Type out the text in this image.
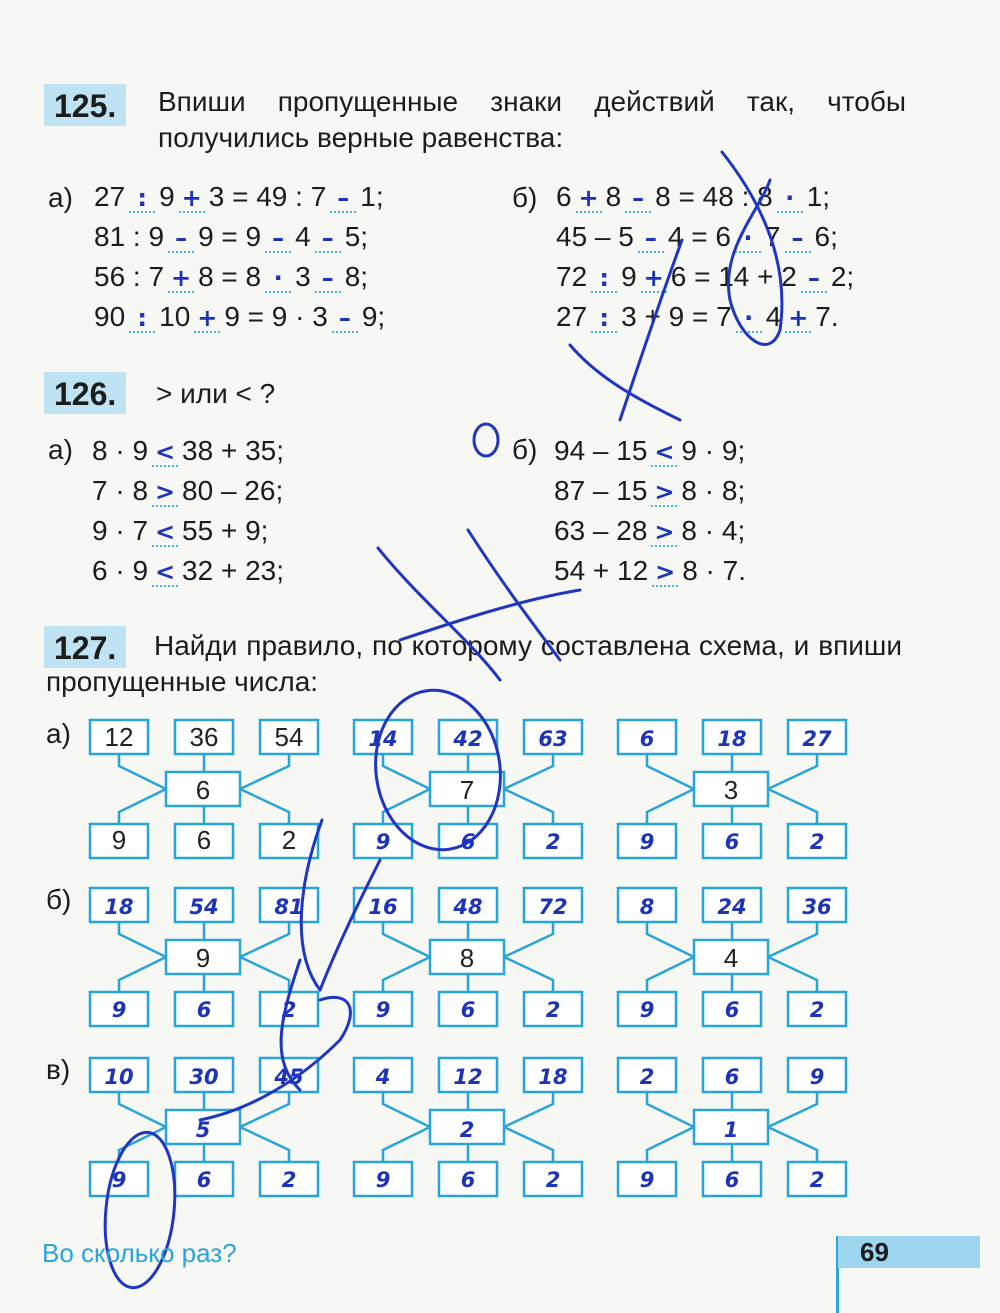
125.	Впиши пропущенные знаки действий так, чтобы получились верные равенства:
а)	б)
27 : 9 + 3 = 49 : 7 – 1;
81 : 9 – 9 = 9 – 4 – 5;
56 : 7 + 8 = 8 · 3 – 8;
90 : 10 + 9 = 9 · 3 – 9;
6 + 8 – 8 = 48 : 8 · 1;
45 – 5 – 4 = 6 · 7 – 6;
72 : 9 + 6 = 14 + 2 – 2;
27 : 3 + 9 = 7 · 4 + 7.
126.	> или < ?
а)	б)
8 · 9 < 38 + 35;
7 · 8 > 80 – 26;
9 · 7 < 55 + 9;
6 · 9 < 32 + 23;
94 – 15 < 9 · 9;
87 – 15 > 8 · 8;
63 – 28 > 8 · 4;
54 + 12 > 8 · 7.
127.	Найди правило, по которому составлена схема, и впиши пропущенные числа:
а)
б)
в)
12
9
36
6
54
2
6
14
9
42
6
63
2
7
6
9
18
6
27
2
3
18
9
54
6
81
2
9
16
9
48
6
72
2
8
8
9
24
6
36
2
4
10
9
30
6
45
2
5
4
9
12
6
18
2
2
2
9
6
6
9
2
1
Во сколько раз?	69
